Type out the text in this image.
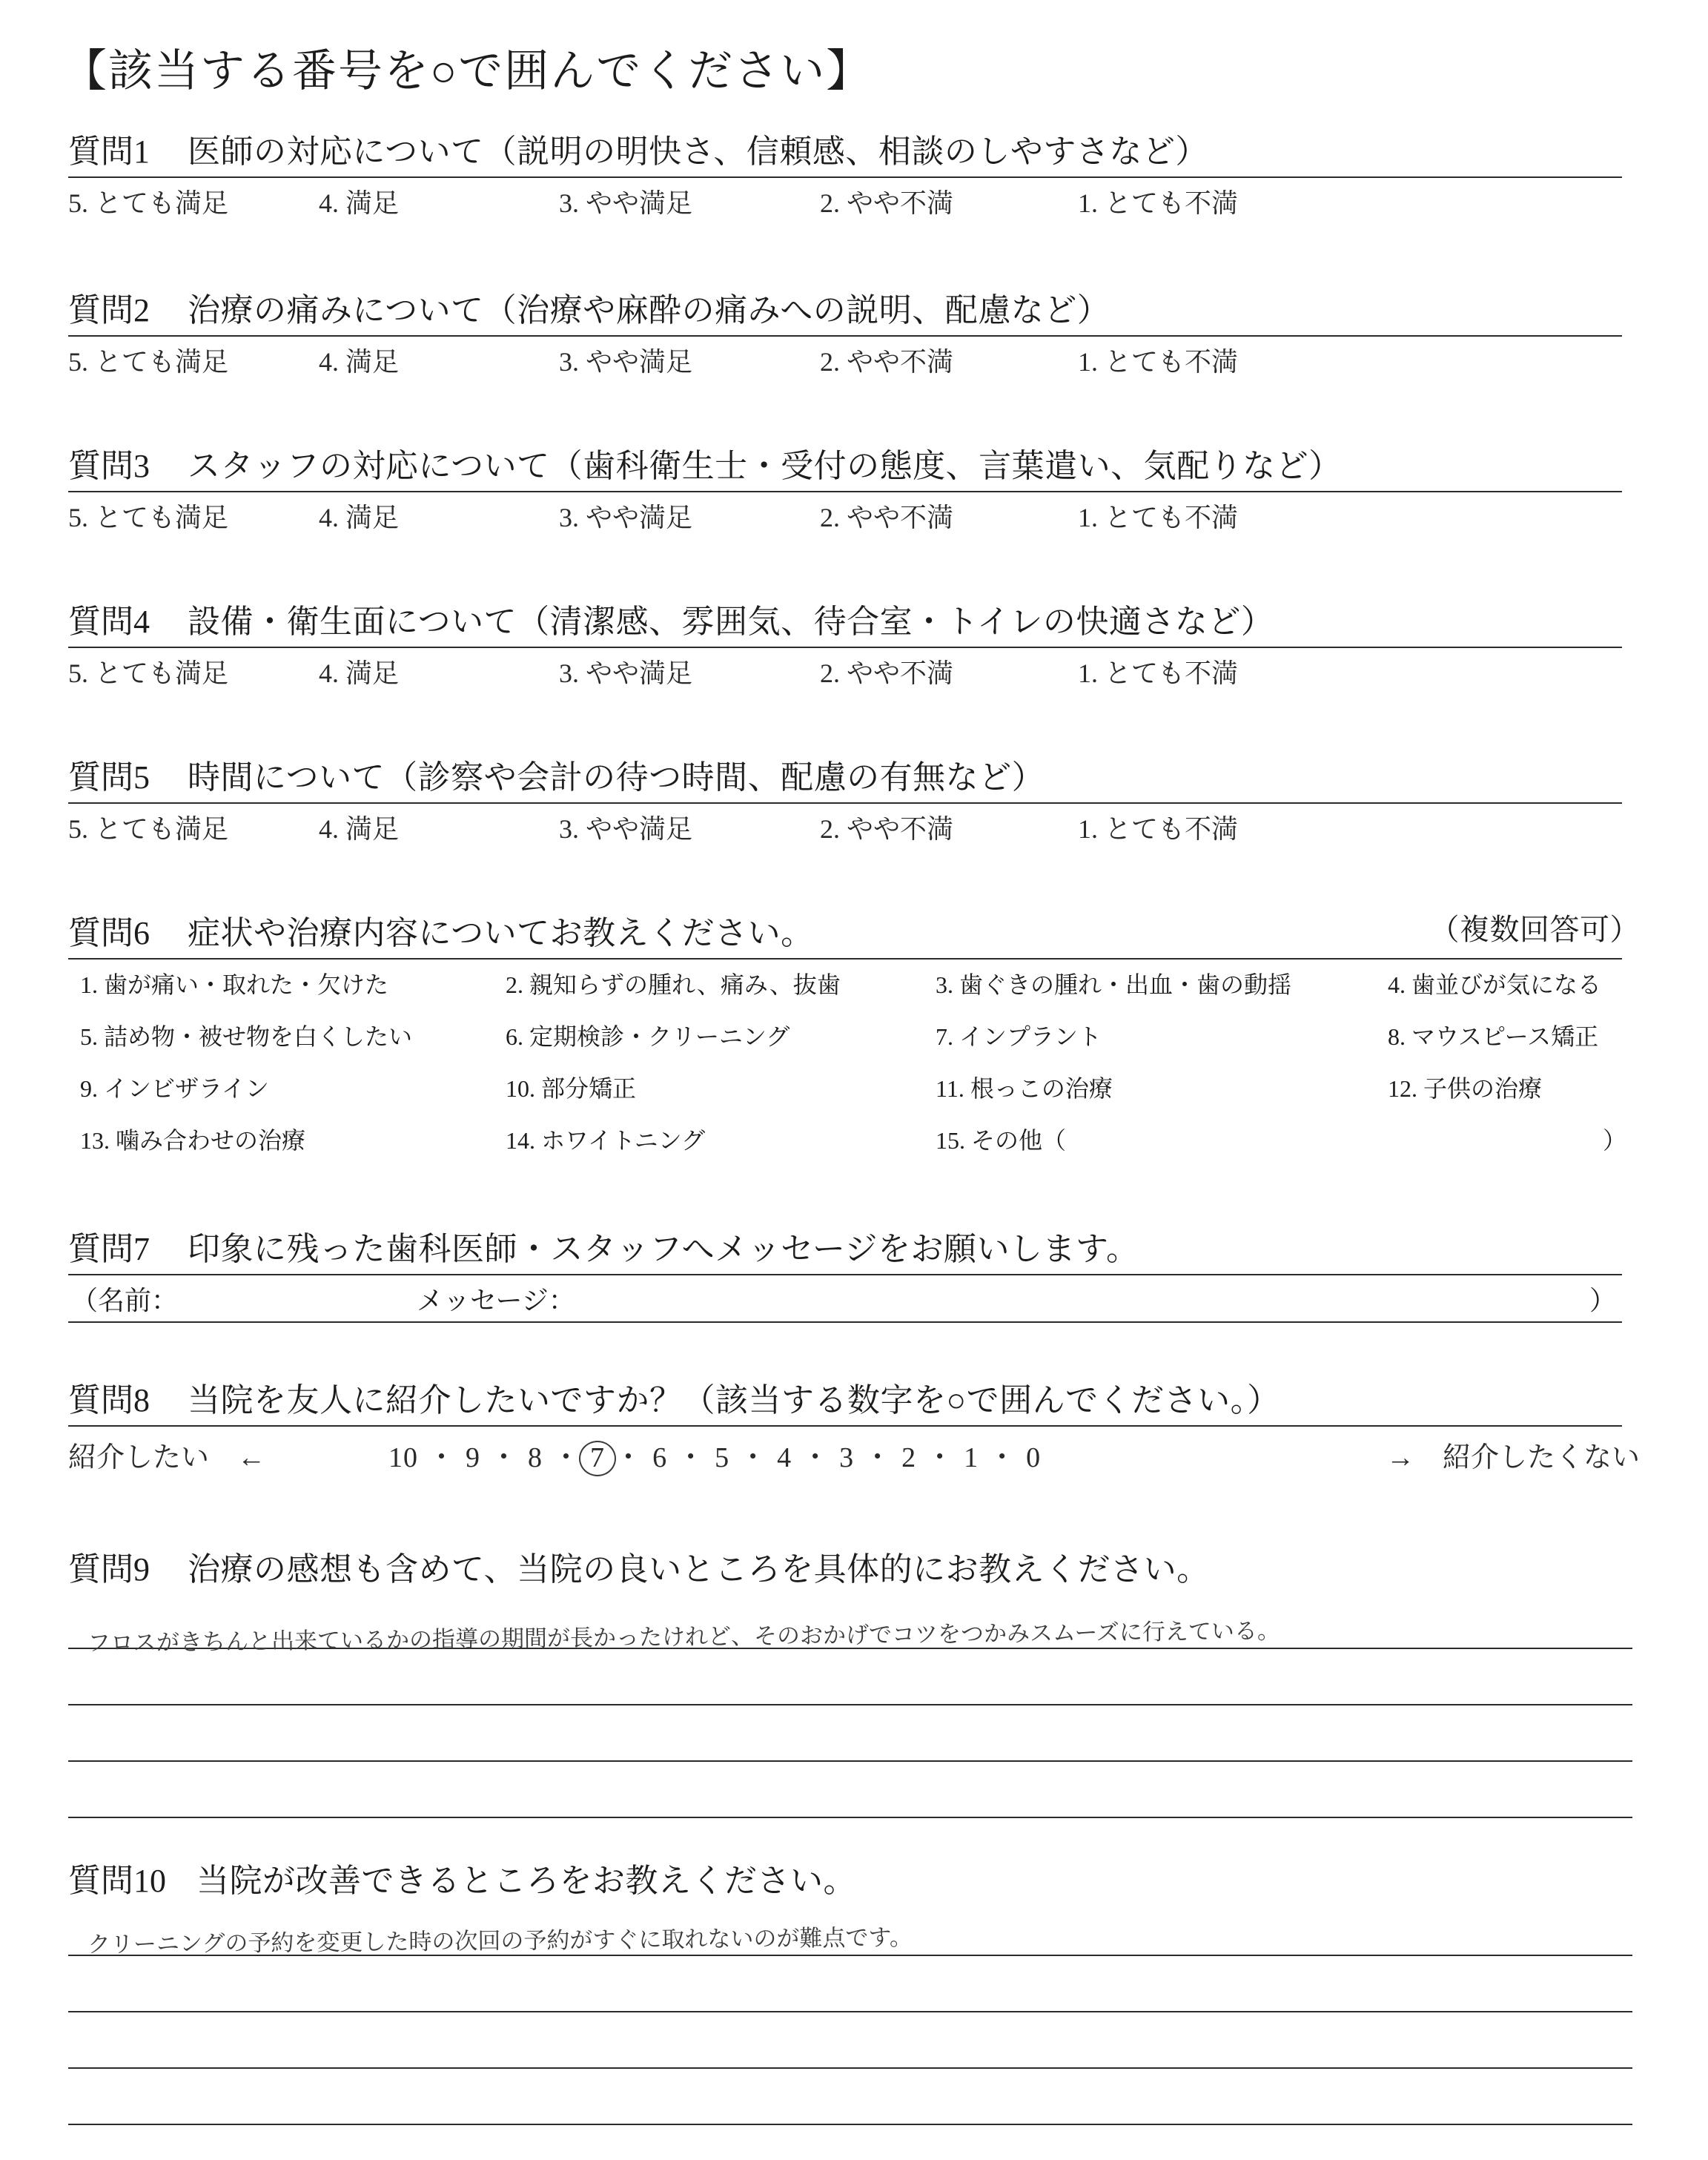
【該当する番号を○で囲んでください】
質問1 医師の対応について（説明の明快さ、信頼感、相談のしやすさなど）
5. とても満足	4. 満足	3. やや満足	2. やや不満	1. とても不満
質問2 治療の痛みについて（治療や麻酔の痛みへの説明、配慮など）
5. とても満足	4. 満足	3. やや満足	2. やや不満	1. とても不満
質問3 スタッフの対応について（歯科衛生士・受付の態度、言葉遣い、気配りなど）
5. とても満足	4. 満足	3. やや満足	2. やや不満	1. とても不満
質問4 設備・衛生面について（清潔感、雰囲気、待合室・トイレの快適さなど）
5. とても満足	4. 満足	3. やや満足	2. やや不満	1. とても不満
質問5 時間について（診察や会計の待つ時間、配慮の有無など）
5. とても満足	4. 満足	3. やや満足	2. やや不満	1. とても不満
質問6 症状や治療内容についてお教えください。	（複数回答可）
1. 歯が痛い・取れた・欠けた	2. 親知らずの腫れ、痛み、抜歯	3. 歯ぐきの腫れ・出血・歯の動揺	4. 歯並びが気になる
5. 詰め物・被せ物を白くしたい	6. 定期検診・クリーニング	7. インプラント	8. マウスピース矯正
9. インビザライン	10. 部分矯正	11. 根っこの治療	12. 子供の治療
13. 噛み合わせの治療	14. ホワイトニング	15. その他（	）
質問7 印象に残った歯科医師・スタッフへメッセージをお願いします。
（名前：	メッセージ：	）
質問8 当院を友人に紹介したいですか？（該当する数字を○で囲んでください。）
紹介したい　←	10 ・ 9 ・ 8 ・ 7 ・ 6 ・ 5 ・ 4 ・ 3 ・ 2 ・ 1 ・ 0	→　紹介したくない
質問9 治療の感想も含めて、当院の良いところを具体的にお教えください。
フロスがきちんと出来ているかの指導の期間が長かったけれど、そのおかげでコツをつかみスムーズに行えている。
質問10 当院が改善できるところをお教えください。
クリーニングの予約を変更した時の次回の予約がすぐに取れないのが難点です。
